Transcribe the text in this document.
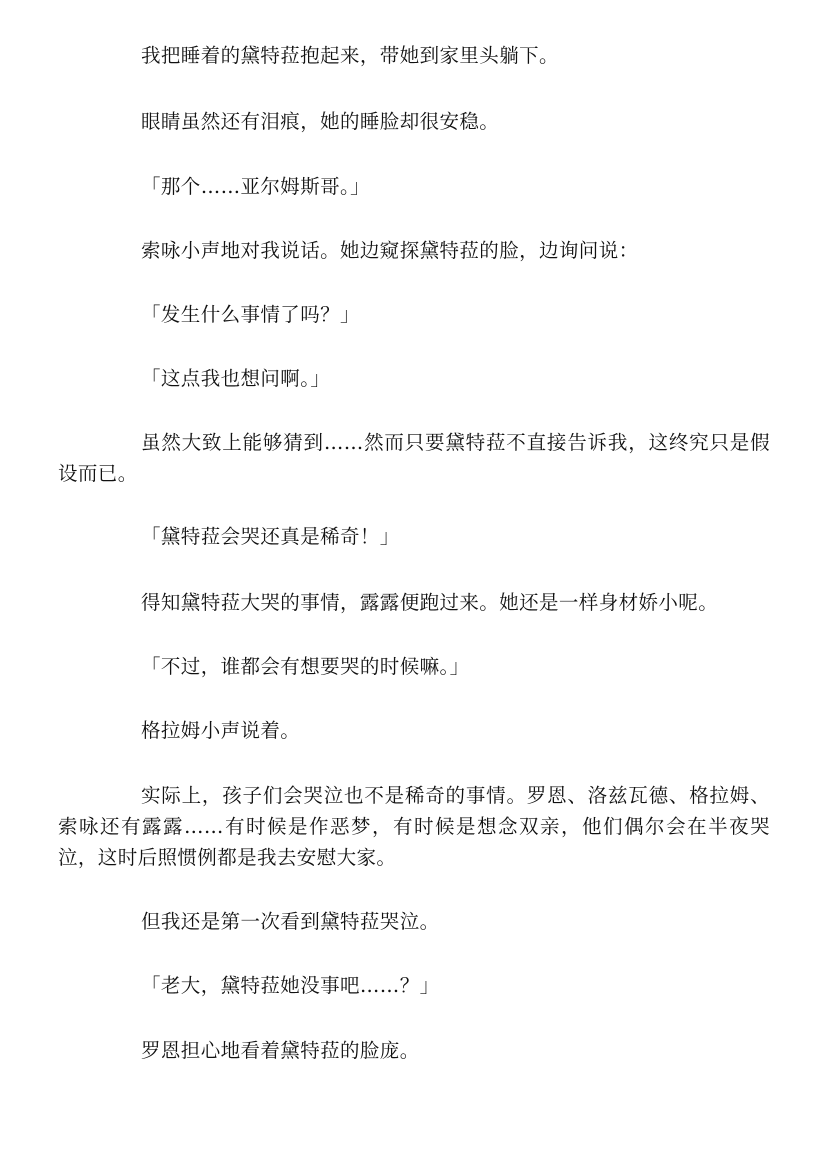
我把睡着的黛特菈抱起来，带她到家里头躺下。

眼睛虽然还有泪痕，她的睡脸却很安稳。

「那个……亚尔姆斯哥。」

索咏小声地对我说话。她边窥探黛特菈的脸，边询问说：

「发生什么事情了吗？」

「这点我也想问啊。」

虽然大致上能够猜到……然而只要黛特菈不直接告诉我，这终究只是假设而已。

「黛特菈会哭还真是稀奇！」

得知黛特菈大哭的事情，露露便跑过来。她还是一样身材娇小呢。

「不过，谁都会有想要哭的时候嘛。」

格拉姆小声说着。

实际上，孩子们会哭泣也不是稀奇的事情。罗恩、洛兹瓦德、格拉姆、索咏还有露露……有时候是作恶梦，有时候是想念双亲，他们偶尔会在半夜哭泣，这时后照惯例都是我去安慰大家。

但我还是第一次看到黛特菈哭泣。

「老大，黛特菈她没事吧……？」

罗恩担心地看着黛特菈的脸庞。
